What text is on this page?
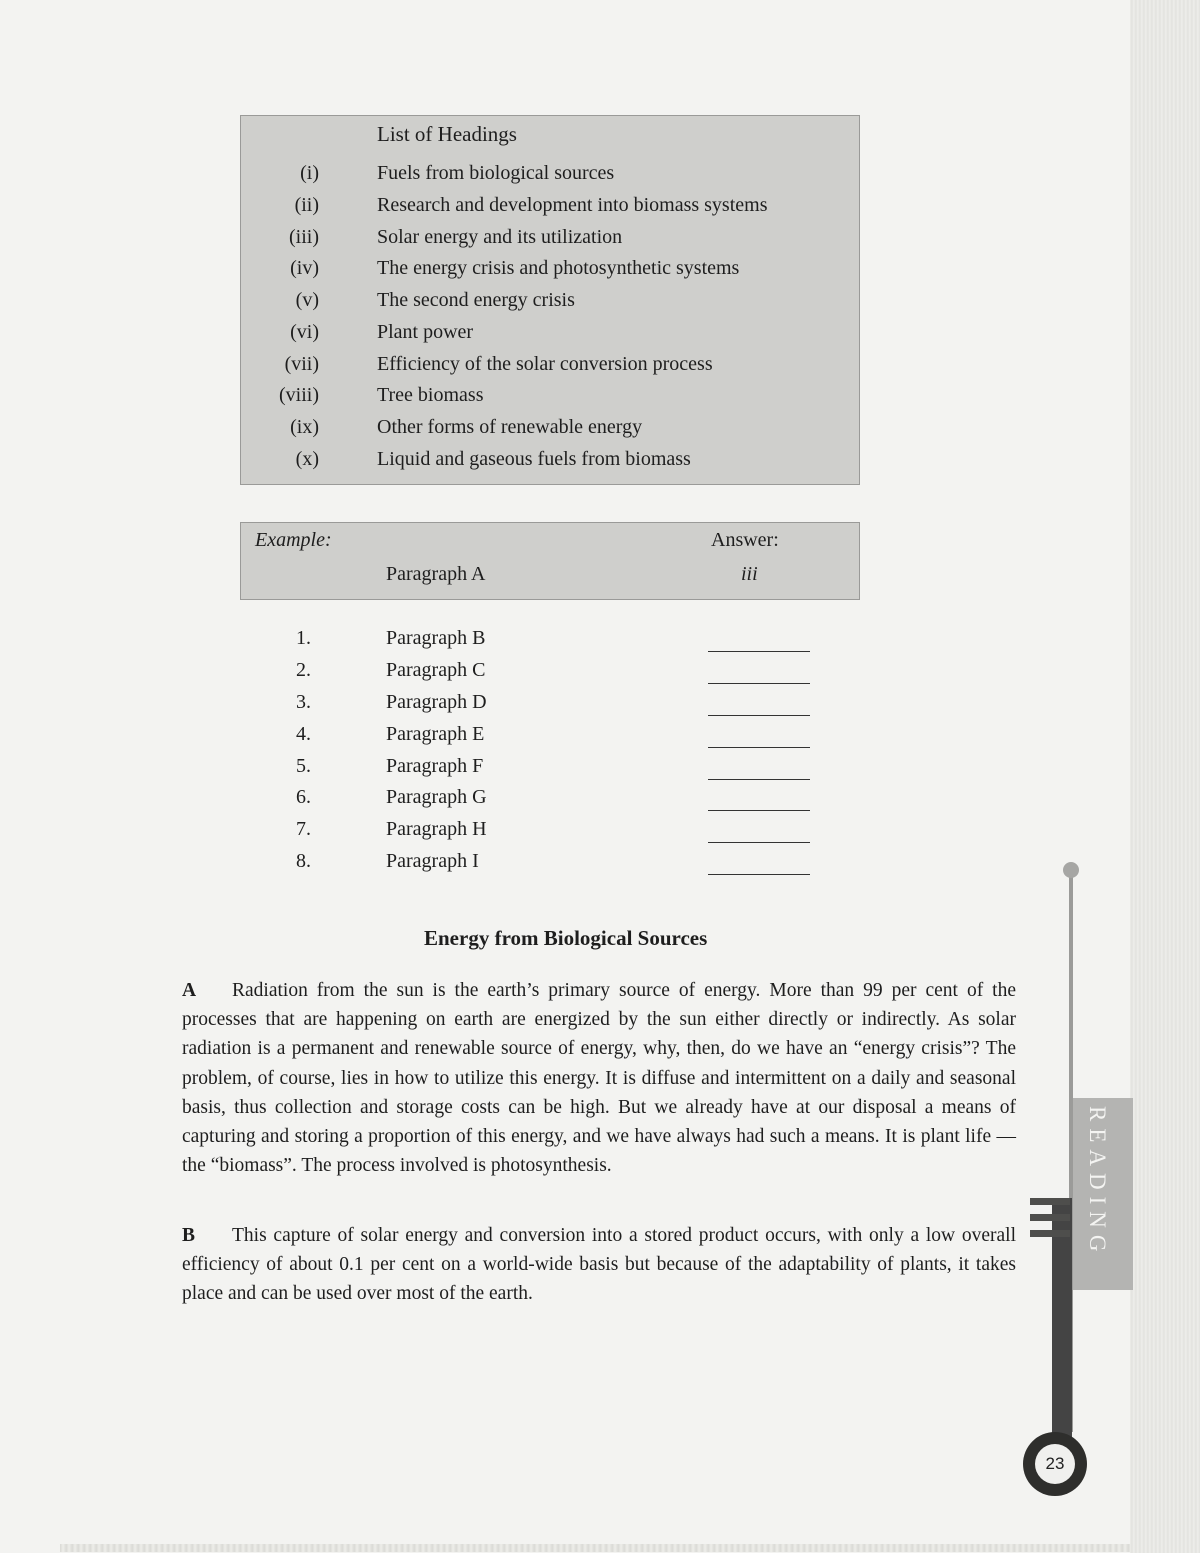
List of Headings
(i)	Fuels from biological sources
(ii)	Research and development into biomass systems
(iii)	Solar energy and its utilization
(iv)	The energy crisis and photosynthetic systems
(v)	The second energy crisis
(vi)	Plant power
(vii)	Efficiency of the solar conversion process
(viii)	Tree biomass
(ix)	Other forms of renewable energy
(x)	Liquid and gaseous fuels from biomass
Example:	Answer:
Paragraph A	iii
1.	Paragraph B
2.	Paragraph C
3.	Paragraph D
4.	Paragraph E
5.	Paragraph F
6.	Paragraph G
7.	Paragraph H
8.	Paragraph I
Energy from Biological Sources
A Radiation from the sun is the earth’s primary source of energy. More than 99 per cent of the processes that are happening on earth are energized by the sun either directly or indirectly. As solar radiation is a permanent and renewable source of energy, why, then, do we have an “energy crisis”? The problem, of course, lies in how to utilize this energy. It is diffuse and intermittent on a daily and seasonal basis, thus collection and storage costs can be high. But we already have at our disposal a means of capturing and storing a proportion of this energy, and we have always had such a means. It is plant life — the “biomass”. The process involved is photosynthesis.
B This capture of solar energy and conversion into a stored product occurs, with only a low overall efficiency of about 0.1 per cent on a world-wide basis but because of the adaptability of plants, it takes place and can be used over most of the earth.
READING
23
